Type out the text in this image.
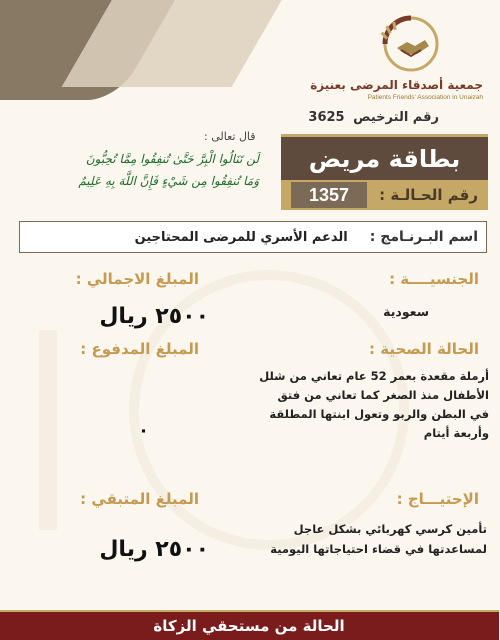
جمعية أصدقاء المرضى بعنيزة
Patients Friends' Association in Unaizah
رقم الترخيص 3625
قال تعالى :
لَن تَنَالُوا الْبِرَّ حَتَّىٰ تُنفِقُوا مِمَّا تُحِبُّونَ
وَمَا تُنفِقُوا مِن شَيْءٍ فَإِنَّ اللَّهَ بِهِ عَلِيمٌ
بطاقة مريض
رقم الحـالـة :
1357
اسم البـرنـامج :
الدعم الأسري للمرضى المحتاجين
الجنسيــــة :
سعودية
الحالة الصحية :
أرملة مقعدة بعمر 52 عام تعاني من شلل
الأطفال منذ الصغر كما تعاني من فتق
في البطن والربو وتعول ابنتها المطلقة
وأربعة أيتام
الإحتيـــاج :
تأمين كرسي كهربائي بشكل عاجل
لمساعدتها في قضاء احتياجاتها اليومية
المبلغ الاجمالي :
٢٥٠٠ ريال
المبلغ المدفوع :
٠
المبلغ المتبقي :
٢٥٠٠ ريال
الحالة من مستحقي الزكاة
